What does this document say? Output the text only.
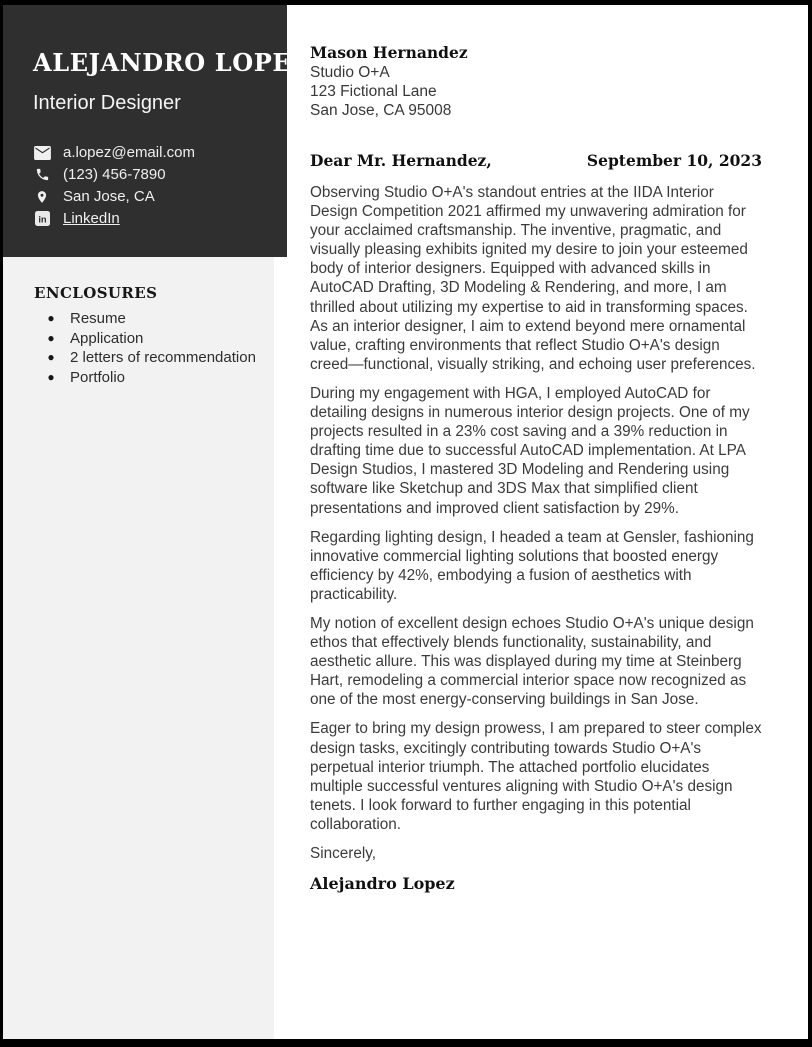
ALEJANDRO LOPEZ
Interior Designer
a.lopez@email.com
(123) 456-7890
San Jose, CA
in LinkedIn
ENCLOSURES
● Resume
● Application
● 2 letters of recommendation
● Portfolio
Mason Hernandez
Studio O+A
123 Fictional Lane
San Jose, CA 95008
Dear Mr. Hernandez,	September 10, 2023

Observing Studio O+A's standout entries at the IIDA Interior Design Competition 2021 affirmed my unwavering admiration for your acclaimed craftsmanship. The inventive, pragmatic, and visually pleasing exhibits ignited my desire to join your esteemed body of interior designers. Equipped with advanced skills in AutoCAD Drafting, 3D Modeling & Rendering, and more, I am thrilled about utilizing my expertise to aid in transforming spaces. As an interior designer, I aim to extend beyond mere ornamental value, crafting environments that reflect Studio O+A's design creed—functional, visually striking, and echoing user preferences.

During my engagement with HGA, I employed AutoCAD for detailing designs in numerous interior design projects. One of my projects resulted in a 23% cost saving and a 39% reduction in drafting time due to successful AutoCAD implementation. At LPA Design Studios, I mastered 3D Modeling and Rendering using software like Sketchup and 3DS Max that simplified client presentations and improved client satisfaction by 29%.

Regarding lighting design, I headed a team at Gensler, fashioning innovative commercial lighting solutions that boosted energy efficiency by 42%, embodying a fusion of aesthetics with practicability.

My notion of excellent design echoes Studio O+A's unique design ethos that effectively blends functionality, sustainability, and aesthetic allure. This was displayed during my time at Steinberg Hart, remodeling a commercial interior space now recognized as one of the most energy-conserving buildings in San Jose.

Eager to bring my design prowess, I am prepared to steer complex design tasks, excitingly contributing towards Studio O+A's perpetual interior triumph. The attached portfolio elucidates multiple successful ventures aligning with Studio O+A's design tenets. I look forward to further engaging in this potential collaboration.

Sincerely,
Alejandro Lopez
